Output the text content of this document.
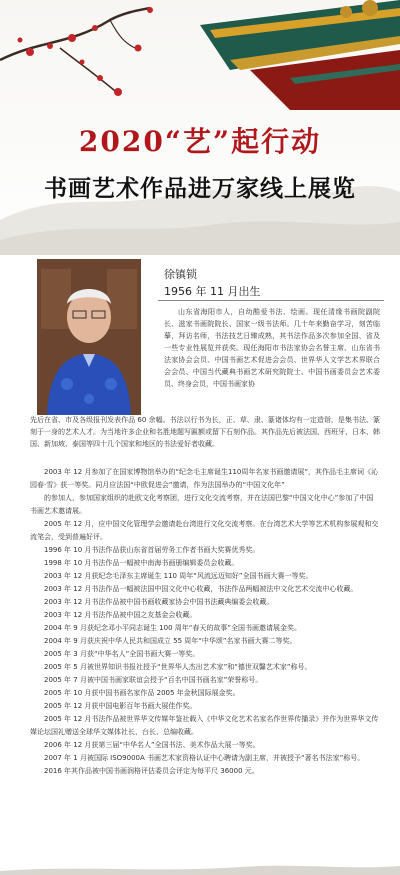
2020“艺”起行动
书画艺术作品进万家线上展览
徐镇锁
1956 年 11 月出生
山东省海阳市人，自幼酷爱书法、绘画。现任清缘书画院副院长、滋家书画院院长、国家一级书法师。几十年来勤奋学习，刻苦临摹，拜访名师，书法技艺日臻成熟，其书法作品多次参加全国、省及一些专业性展览并获奖。现任海阳市书法家协会名誉主席、山东省书法家协会会员、中国书画艺术促进会会员、世界华人文学艺术界联合会会员、中国当代藏典书画艺术研究院院士、中国书画委员会艺术委员、终身会员，中国书画家协
先后在省、市及各级报刊发表作品 60 余幅。书法以行书为长，正、草、隶、篆诸体均有一定造诣，是集书法、篆刻于一身的艺术人才。为当地许多企业和名胜地题写匾额或留下石刻作品。其作品先后被法国、西班牙、日本、韩国、新加坡、泰国等四十几个国家和地区的书法爱好者收藏。

2003 年 12 月参加了在国家博物馆举办的“纪念毛主席诞生110周年名家书画邀请展”，其作品毛主席词《沁园春·雪》获一等奖。同月应法国“中欧促进会”邀请，作为法国举办的“中国文化年”

的参加人，参加国家组织的赴欧文化考察团，进行文化交流考察，并在法国巴黎“中国文化中心”参加了中国书画艺术邀请展。

2005 年 12 月，应中国文化管理学会邀请赴台湾进行文化交流考察。在台湾艺术大学等艺术机构参展观和交流笔会，受到普遍好评。

1996 年 10 月书法作品获山东省首届劳务工作者书画大奖赛优秀奖。

1998 年 10 月书法作品一幅被中南海书画册编辑委员会收藏。

2003 年 12 月获纪念毛泽东主席诞生 110 周年“风流远迈知好”全国书画大赛一等奖。

2003 年 12 月书法作品一幅被法国中国文化中心收藏，书法作品两幅被法中文化艺术交流中心收藏。

2003 年 12 月书法作品被中国书画收藏家协会中国书法藏典编委会收藏。

2003 年 12 月书法作品被中国之友基金会收藏。

2004 年 9 月获纪念邓小平同志诞生 100 周年“春天的故事”全国书画邀请展金奖。

2004 年 9 月获庆祝中华人民共和国成立 55 周年“中华颂”名家书画大赛二等奖。

2005 年 3 月获“中华名人”全国书画大赛一等奖。

2005 年 5 月被世界知识书报社授予“世界华人杰出艺术家”和“德世双馨艺术家”称号。

2005 年 7 月被中国书画家联谊会授予“百名中国书画名家”荣誉称号。

2005 年 10 月获中国书画名家作品 2005 年金秋国际展金奖。

2005 年 12 月获中国电影百年书画大展佳作奖。

2005 年 12 月书法作品被世界华文传媒年鉴社载入《中华文化艺术名家名作世界传播录》并作为世界华文传媒论坛国礼赠送全球华文媒体社长、台长、总编收藏。

2006 年 12 月获第三届“中华名人”全国书法、美术作品大展一等奖。

2007 年 1 月被国际 ISO9000A 书画艺术家资格认证中心聘请为副主席，并被授予“著名书法家”称号。

2016 年其作品被中国书画润格评估委员会评定为每平尺 36000 元。
